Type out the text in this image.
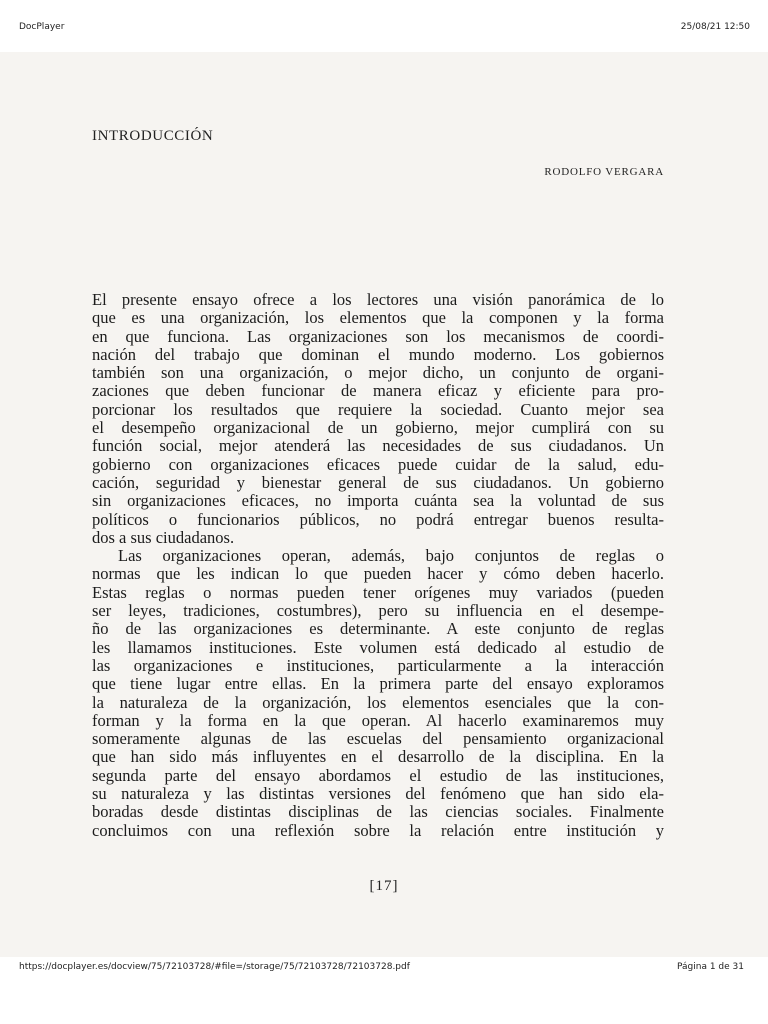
DocPlayer	25/08/21 12:50
INTRODUCCIÓN
RODOLFO VERGARA
El presente ensayo ofrece a los lectores una visión panorámica de lo
que es una organización, los elementos que la componen y la forma
en que funciona. Las organizaciones son los mecanismos de coordi-
nación del trabajo que dominan el mundo moderno. Los gobiernos
también son una organización, o mejor dicho, un conjunto de organi-
zaciones que deben funcionar de manera eficaz y eficiente para pro-
porcionar los resultados que requiere la sociedad. Cuanto mejor sea
el desempeño organizacional de un gobierno, mejor cumplirá con su
función social, mejor atenderá las necesidades de sus ciudadanos. Un
gobierno con organizaciones eficaces puede cuidar de la salud, edu-
cación, seguridad y bienestar general de sus ciudadanos. Un gobierno
sin organizaciones eficaces, no importa cuánta sea la voluntad de sus
políticos o funcionarios públicos, no podrá entregar buenos resulta-
dos a sus ciudadanos.
Las organizaciones operan, además, bajo conjuntos de reglas o
normas que les indican lo que pueden hacer y cómo deben hacerlo.
Estas reglas o normas pueden tener orígenes muy variados (pueden
ser leyes, tradiciones, costumbres), pero su influencia en el desempe-
ño de las organizaciones es determinante. A este conjunto de reglas
les llamamos instituciones. Este volumen está dedicado al estudio de
las organizaciones e instituciones, particularmente a la interacción
que tiene lugar entre ellas. En la primera parte del ensayo exploramos
la naturaleza de la organización, los elementos esenciales que la con-
forman y la forma en la que operan. Al hacerlo examinaremos muy
someramente algunas de las escuelas del pensamiento organizacional
que han sido más influyentes en el desarrollo de la disciplina. En la
segunda parte del ensayo abordamos el estudio de las instituciones,
su naturaleza y las distintas versiones del fenómeno que han sido ela-
boradas desde distintas disciplinas de las ciencias sociales. Finalmente
concluimos con una reflexión sobre la relación entre institución y
[17]
https://docplayer.es/docview/75/72103728/#file=/storage/75/72103728/72103728.pdf	Página 1 de 31
